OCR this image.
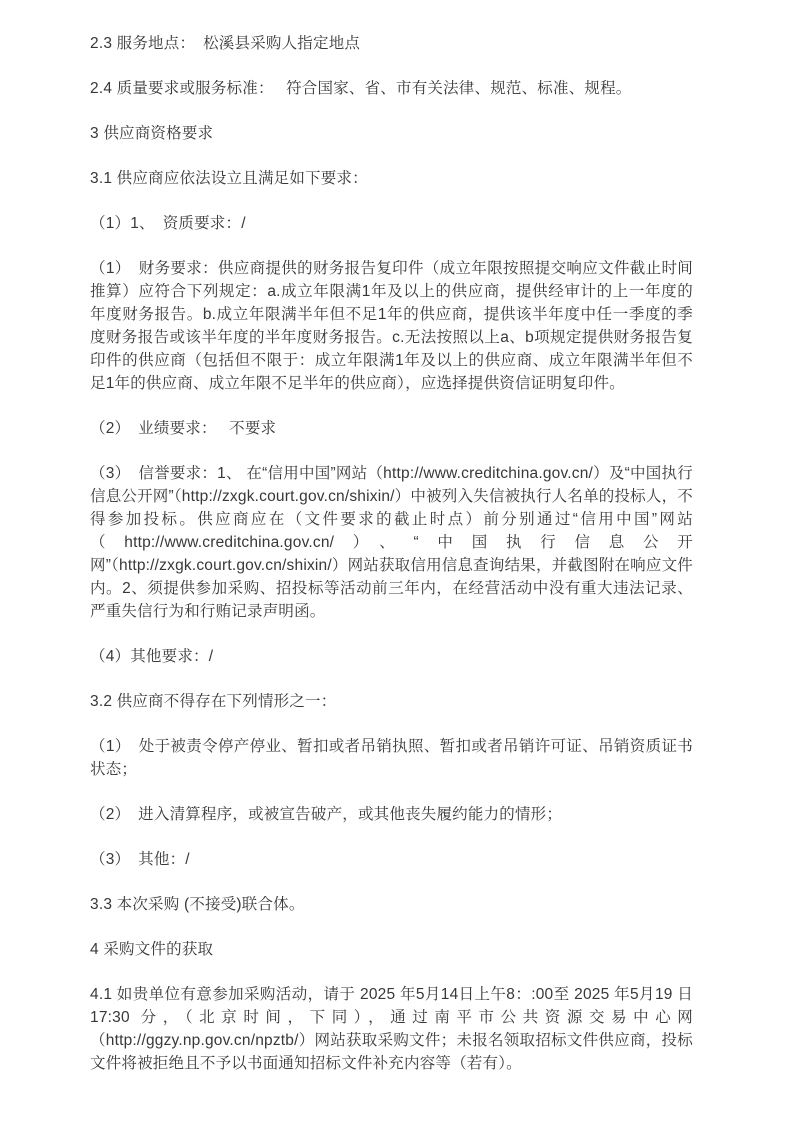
2.3 服务地点：　松溪县采购人指定地点

2.4 质量要求或服务标准：　 符合国家、省、市有关法律、规范、标准、规程。

3 供应商资格要求

3.1 供应商应依法设立且满足如下要求：

（1）1、　资质要求：/

（1）　财务要求：供应商提供的财务报告复印件（成立年限按照提交响应文件截止时间推算）应符合下列规定：a.成立年限满1年及以上的供应商，提供经审计的上一年度的年度财务报告。b.成立年限满半年但不足1年的供应商，提供该半年度中任一季度的季度财务报告或该半年度的半年度财务报告。c.无法按照以上a、b项规定提供财务报告复印件的供应商（包括但不限于：成立年限满1年及以上的供应商、成立年限满半年但不足1年的供应商、成立年限不足半年的供应商），应选择提供资信证明复印件。

（2）　业绩要求：　 不要求

（3）　信誉要求：1、 在“信用中国”网站（http://www.creditchina.gov.cn/）及“中国执行信息公开网”（http://zxgk.court.gov.cn/shixin/）中被列入失信被执行人名单的投标人，不得参加投标。供应商应在（文件要求的截止时点）前分别通过“信用中国”网站（http://www.creditchina.gov.cn/）、“中国执行信息公开网”（http://zxgk.court.gov.cn/shixin/）网站获取信用信息查询结果，并截图附在响应文件内。2、须提供参加采购、招投标等活动前三年内，在经营活动中没有重大违法记录、严重失信行为和行贿记录声明函。

（4）其他要求：/

3.2 供应商不得存在下列情形之一：

（1）　处于被责令停产停业、暂扣或者吊销执照、暂扣或者吊销许可证、吊销资质证书状态；

（2）　进入清算程序，或被宣告破产，或其他丧失履约能力的情形；

（3）　其他：/

3.3 本次采购 (不接受)联合体。

4 采购文件的获取

4.1 如贵单位有意参加采购活动，请于 2025 年5月14日上午8：:00至 2025 年5月19 日 17:30 分，（北京时间，下同），通过南平市公共资源交易中心网（http://ggzy.np.gov.cn/npztb/）网站获取采购文件；未报名领取招标文件供应商，投标文件将被拒绝且不予以书面通知招标文件补充内容等（若有）。
